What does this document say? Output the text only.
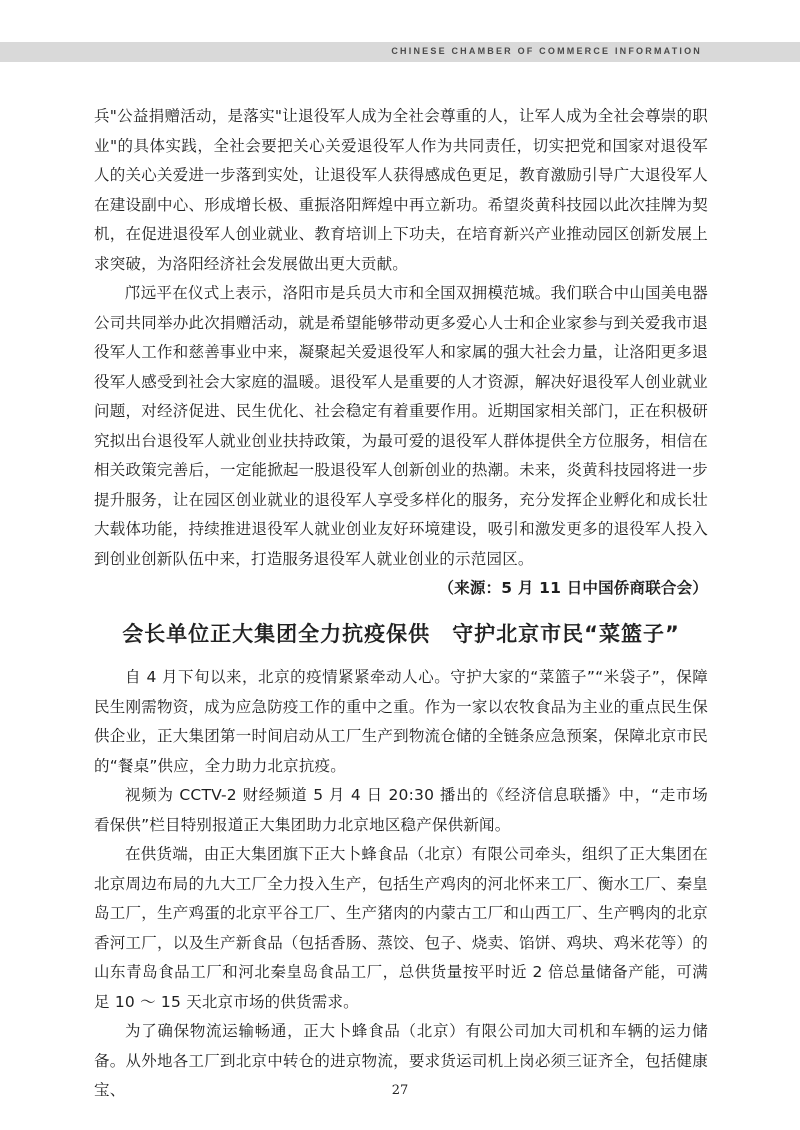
CHINESE CHAMBER OF COMMERCE INFORMATION

兵"公益捐赠活动，是落实"让退役军人成为全社会尊重的人，让军人成为全社会尊崇的职业"的具体实践，全社会要把关心关爱退役军人作为共同责任，切实把党和国家对退役军人的关心关爱进一步落到实处，让退役军人获得感成色更足，教育激励引导广大退役军人在建设副中心、形成增长极、重振洛阳辉煌中再立新功。希望炎黄科技园以此次挂牌为契机，在促进退役军人创业就业、教育培训上下功夫，在培育新兴产业推动园区创新发展上求突破，为洛阳经济社会发展做出更大贡献。

邝远平在仪式上表示，洛阳市是兵员大市和全国双拥模范城。我们联合中山国美电器公司共同举办此次捐赠活动，就是希望能够带动更多爱心人士和企业家参与到关爱我市退役军人工作和慈善事业中来，凝聚起关爱退役军人和家属的强大社会力量，让洛阳更多退役军人感受到社会大家庭的温暖。退役军人是重要的人才资源，解决好退役军人创业就业问题，对经济促进、民生优化、社会稳定有着重要作用。近期国家相关部门，正在积极研究拟出台退役军人就业创业扶持政策，为最可爱的退役军人群体提供全方位服务，相信在相关政策完善后，一定能掀起一股退役军人创新创业的热潮。未来，炎黄科技园将进一步提升服务，让在园区创业就业的退役军人享受多样化的服务，充分发挥企业孵化和成长壮大载体功能，持续推进退役军人就业创业友好环境建设，吸引和激发更多的退役军人投入到创业创新队伍中来，打造服务退役军人就业创业的示范园区。
（来源：5 月 11 日中国侨商联合会）

会长单位正大集团全力抗疫保供　守护北京市民“菜篮子”

自 4 月下旬以来，北京的疫情紧紧牵动人心。守护大家的“菜篮子”“米袋子”，保障民生刚需物资，成为应急防疫工作的重中之重。作为一家以农牧食品为主业的重点民生保供企业，正大集团第一时间启动从工厂生产到物流仓储的全链条应急预案，保障北京市民的“餐桌”供应，全力助力北京抗疫。

视频为 CCTV-2 财经频道 5 月 4 日 20:30 播出的《经济信息联播》中，“走市场 看保供”栏目特别报道正大集团助力北京地区稳产保供新闻。

在供货端，由正大集团旗下正大卜蜂食品（北京）有限公司牵头，组织了正大集团在北京周边布局的九大工厂全力投入生产，包括生产鸡肉的河北怀来工厂、衡水工厂、秦皇岛工厂，生产鸡蛋的北京平谷工厂、生产猪肉的内蒙古工厂和山西工厂、生产鸭肉的北京香河工厂，以及生产新食品（包括香肠、蒸饺、包子、烧卖、馅饼、鸡块、鸡米花等）的山东青岛食品工厂和河北秦皇岛食品工厂，总供货量按平时近 2 倍总量储备产能，可满足 10 ～ 15 天北京市场的供货需求。

为了确保物流运输畅通，正大卜蜂食品（北京）有限公司加大司机和车辆的运力储备。从外地各工厂到北京中转仓的进京物流，要求货运司机上岗必须三证齐全，包括健康宝、	27
